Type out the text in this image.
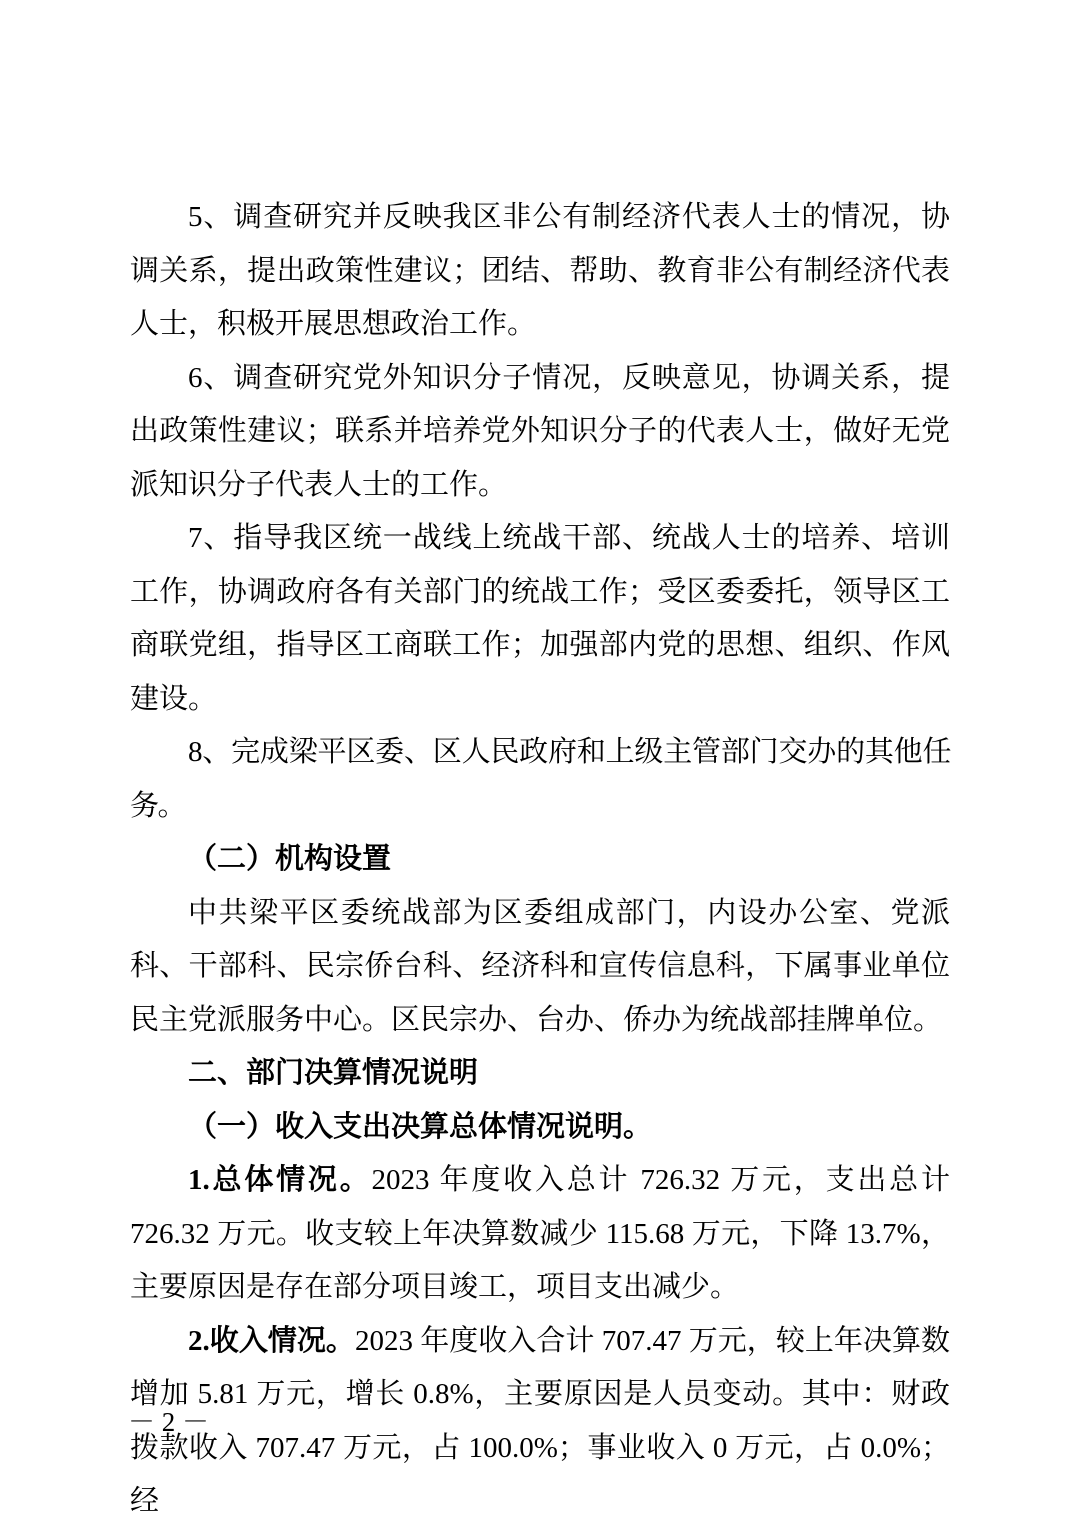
5、调查研究并反映我区非公有制经济代表人士的情况，协调关系，提出政策性建议；团结、帮助、教育非公有制经济代表人士，积极开展思想政治工作。

6、调查研究党外知识分子情况，反映意见，协调关系，提出政策性建议；联系并培养党外知识分子的代表人士，做好无党派知识分子代表人士的工作。

7、指导我区统一战线上统战干部、统战人士的培养、培训工作，协调政府各有关部门的统战工作；受区委委托，领导区工商联党组，指导区工商联工作；加强部内党的思想、组织、作风建设。

8、完成梁平区委、区人民政府和上级主管部门交办的其他任务。

（二）机构设置

中共梁平区委统战部为区委组成部门，内设办公室、党派科、干部科、民宗侨台科、经济科和宣传信息科，下属事业单位民主党派服务中心。区民宗办、台办、侨办为统战部挂牌单位。

二、部门决算情况说明

（一）收入支出决算总体情况说明。

1.总体情况。2023 年度收入总计 726.32 万元，支出总计 726.32 万元。收支较上年决算数减少 115.68 万元，下降 13.7%，主要原因是存在部分项目竣工，项目支出减少。

2.收入情况。2023 年度收入合计 707.47 万元，较上年决算数增加 5.81 万元，增长 0.8%，主要原因是人员变动。其中：财政拨款收入 707.47 万元，占 100.0%；事业收入 0 万元，占 0.0%；经

－ 2 －
